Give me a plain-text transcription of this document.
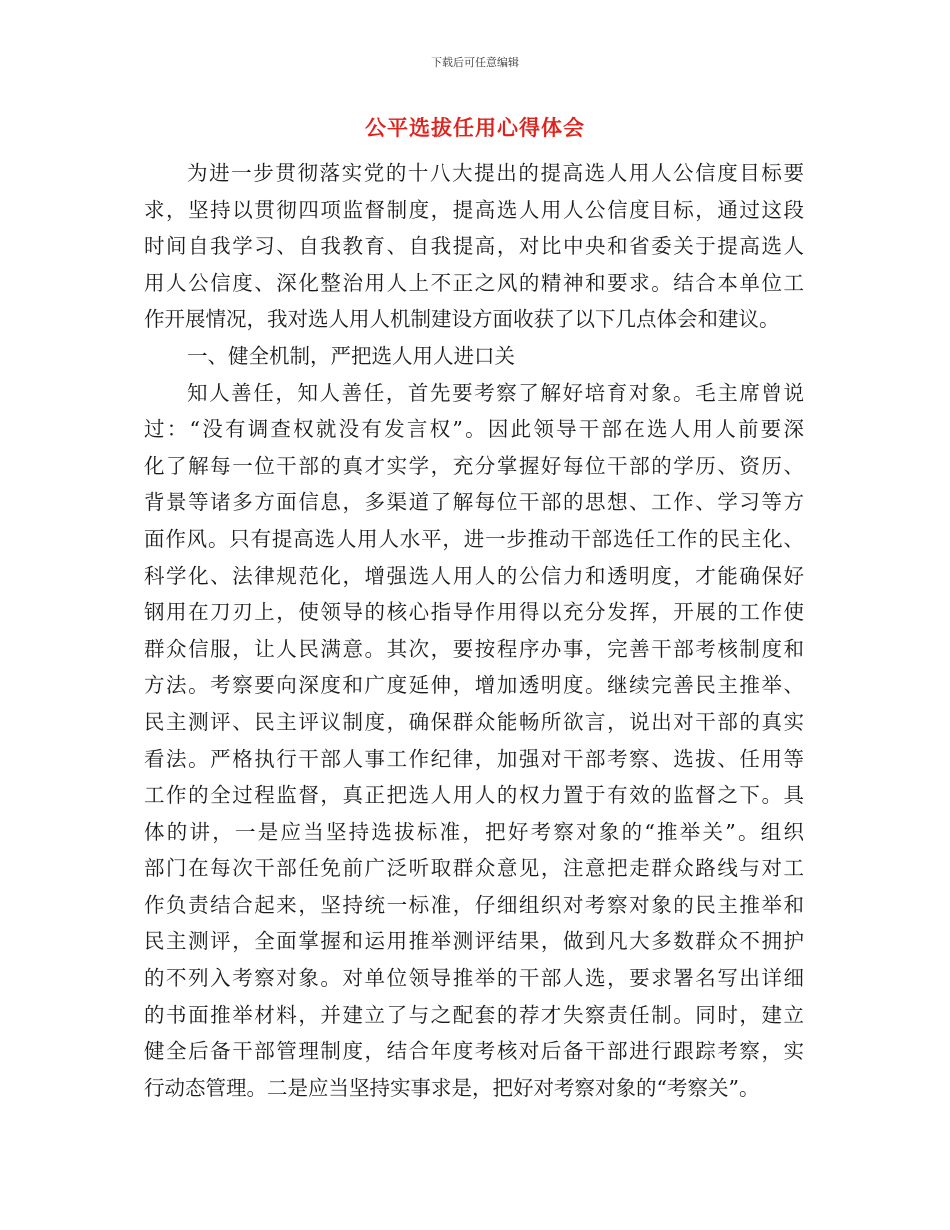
下载后可任意编辑
公平选拔任用心得体会
为进一步贯彻落实党的十八大提出的提高选人用人公信度目标要
求，坚持以贯彻四项监督制度，提高选人用人公信度目标，通过这段
时间自我学习、自我教育、自我提高，对比中央和省委关于提高选人
用人公信度、深化整治用人上不正之风的精神和要求。结合本单位工
作开展情况，我对选人用人机制建设方面收获了以下几点体会和建议。
一、健全机制，严把选人用人进口关
知人善任，知人善任，首先要考察了解好培育对象。毛主席曾说
过：“没有调查权就没有发言权”。因此领导干部在选人用人前要深
化了解每一位干部的真才实学，充分掌握好每位干部的学历、资历、
背景等诸多方面信息，多渠道了解每位干部的思想、工作、学习等方
面作风。只有提高选人用人水平，进一步推动干部选任工作的民主化、
科学化、法律规范化，增强选人用人的公信力和透明度，才能确保好
钢用在刀刃上，使领导的核心指导作用得以充分发挥，开展的工作使
群众信服，让人民满意。其次，要按程序办事，完善干部考核制度和
方法。考察要向深度和广度延伸，增加透明度。继续完善民主推举、
民主测评、民主评议制度，确保群众能畅所欲言，说出对干部的真实
看法。严格执行干部人事工作纪律，加强对干部考察、选拔、任用等
工作的全过程监督，真正把选人用人的权力置于有效的监督之下。具
体的讲，一是应当坚持选拔标准，把好考察对象的“推举关”。组织
部门在每次干部任免前广泛听取群众意见，注意把走群众路线与对工
作负责结合起来，坚持统一标准，仔细组织对考察对象的民主推举和
民主测评，全面掌握和运用推举测评结果，做到凡大多数群众不拥护
的不列入考察对象。对单位领导推举的干部人选，要求署名写出详细
的书面推举材料，并建立了与之配套的荐才失察责任制。同时，建立
健全后备干部管理制度，结合年度考核对后备干部进行跟踪考察，实
行动态管理。二是应当坚持实事求是，把好对考察对象的“考察关”。
